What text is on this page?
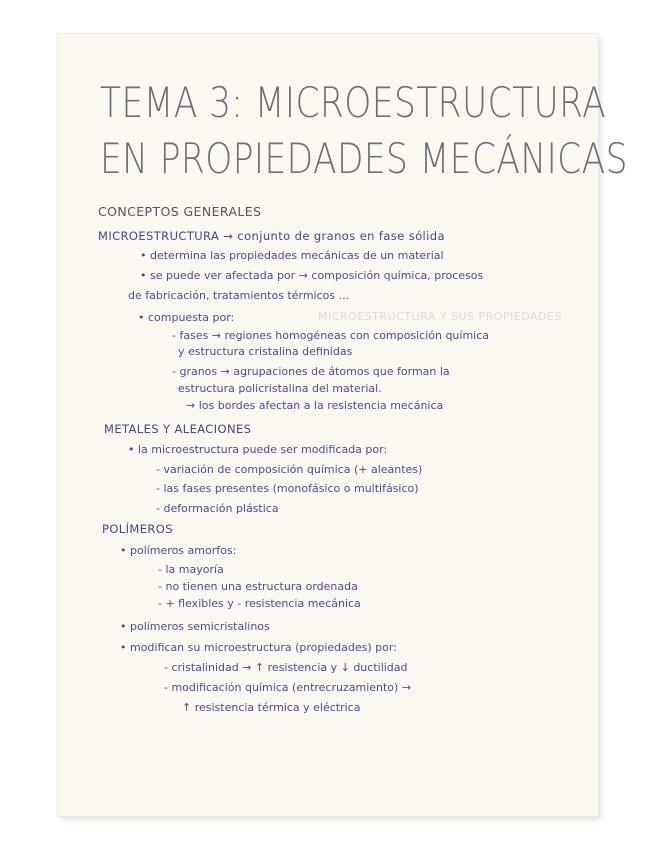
TEMA 3: MICROESTRUCTURA
EN PROPIEDADES MECÁNICAS
MICROESTRUCTURA Y SUS PROPIEDADES
CONCEPTOS GENERALES
MICROESTRUCTURA → conjunto de granos en fase sólida
• determina las propiedades mecánicas de un material
• se puede ver afectada por → composición química, procesos
de fabricación, tratamientos térmicos ...
• compuesta por:
- fases → regiones homogéneas con composición química
y estructura cristalina definidas
- granos → agrupaciones de átomos que forman la
estructura policristalina del material.
→ los bordes afectan a la resistencia mecánica
METALES Y ALEACIONES
• la microestructura puede ser modificada por:
- variación de composición química (+ aleantes)
- las fases presentes (monofásico o multifásico)
- deformación plástica
POLÍMEROS
• polímeros amorfos:
- la mayoría
- no tienen una estructura ordenada
- + flexibles y - resistencia mecánica
• polímeros semicristalinos
• modifican su microestructura (propiedades) por:
- cristalinidad → ↑ resistencia y ↓ ductilidad
- modificación química (entrecruzamiento) →
↑ resistencia térmica y eléctrica
